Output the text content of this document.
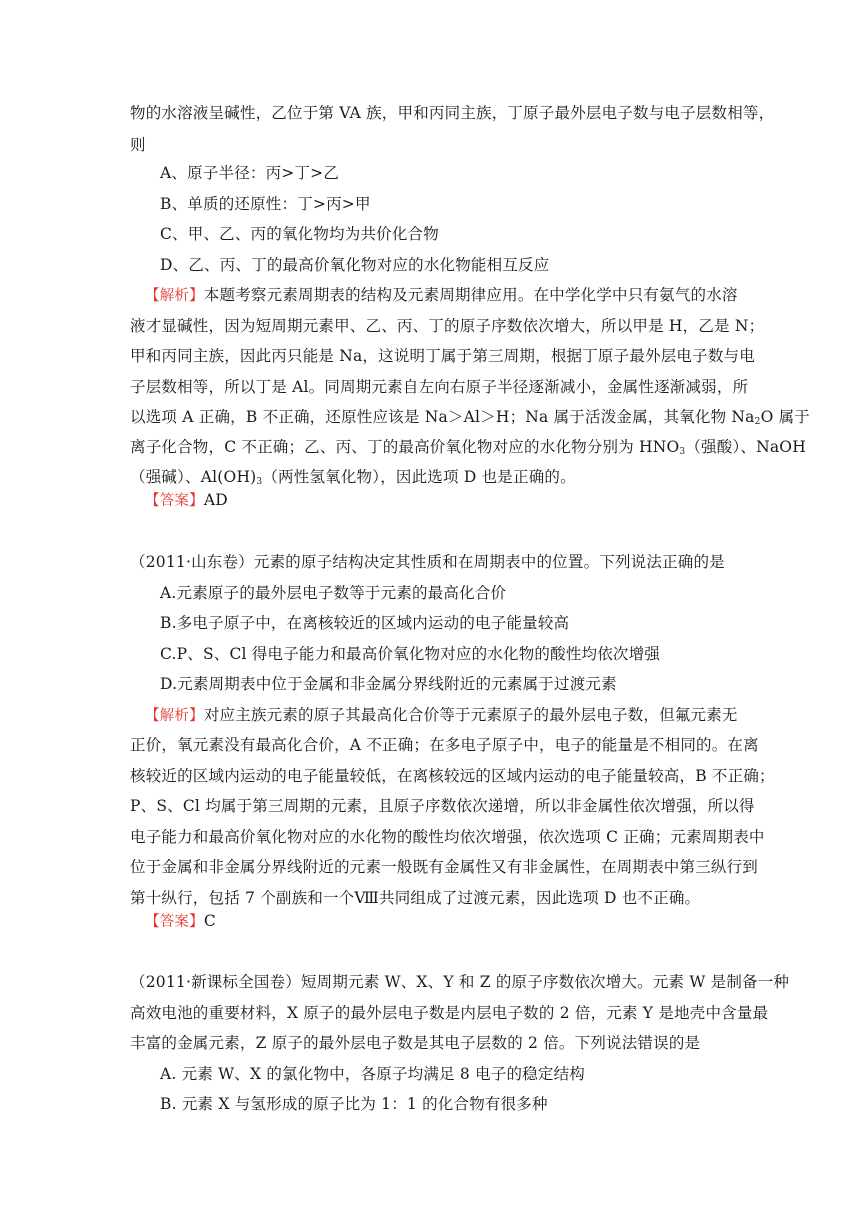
物的水溶液呈碱性，乙位于第 VA 族，甲和丙同主族，丁原子最外层电子数与电子层数相等，
则
A、原子半径：丙>丁>乙
B、单质的还原性：丁>丙>甲
C、甲、乙、丙的氧化物均为共价化合物
D、乙、丙、丁的最高价氧化物对应的水化物能相互反应
【解析】本题考察元素周期表的结构及元素周期律应用。在中学化学中只有氨气的水溶
液才显碱性，因为短周期元素甲、乙、丙、丁的原子序数依次增大，所以甲是 H，乙是 N；
甲和丙同主族，因此丙只能是 Na，这说明丁属于第三周期，根据丁原子最外层电子数与电
子层数相等，所以丁是 Al。同周期元素自左向右原子半径逐渐减小，金属性逐渐减弱，所
以选项 A 正确，B 不正确，还原性应该是 Na＞Al＞H；Na 属于活泼金属，其氧化物 $Na_2O$ 属于
离子化合物，C 不正确；乙、丙、丁的最高价氧化物对应的水化物分别为 $HNO_3$（强酸）、NaOH
（强碱）、$Al(OH)_3$（两性氢氧化物），因此选项 D 也是正确的。
【答案】AD
（2011·山东卷）元素的原子结构决定其性质和在周期表中的位置。下列说法正确的是
A.元素原子的最外层电子数等于元素的最高化合价
B.多电子原子中，在离核较近的区域内运动的电子能量较高
C.P、S、Cl 得电子能力和最高价氧化物对应的水化物的酸性均依次增强
D.元素周期表中位于金属和非金属分界线附近的元素属于过渡元素
【解析】对应主族元素的原子其最高化合价等于元素原子的最外层电子数，但氟元素无
正价，氧元素没有最高化合价，A 不正确；在多电子原子中，电子的能量是不相同的。在离
核较近的区域内运动的电子能量较低，在离核较远的区域内运动的电子能量较高，B 不正确；
P、S、Cl 均属于第三周期的元素，且原子序数依次递增，所以非金属性依次增强，所以得
电子能力和最高价氧化物对应的水化物的酸性均依次增强，依次选项 C 正确；元素周期表中
位于金属和非金属分界线附近的元素一般既有金属性又有非金属性，在周期表中第三纵行到
第十纵行，包括 7 个副族和一个Ⅷ共同组成了过渡元素，因此选项 D 也不正确。
【答案】C
（2011·新课标全国卷）短周期元素 W、X、Y 和 Z 的原子序数依次增大。元素 W 是制备一种
高效电池的重要材料，X 原子的最外层电子数是内层电子数的 2 倍，元素 Y 是地壳中含量最
丰富的金属元素，Z 原子的最外层电子数是其电子层数的 2 倍。下列说法错误的是
A. 元素 W、X 的氯化物中，各原子均满足 8 电子的稳定结构
B. 元素 X 与氢形成的原子比为 1：1 的化合物有很多种
